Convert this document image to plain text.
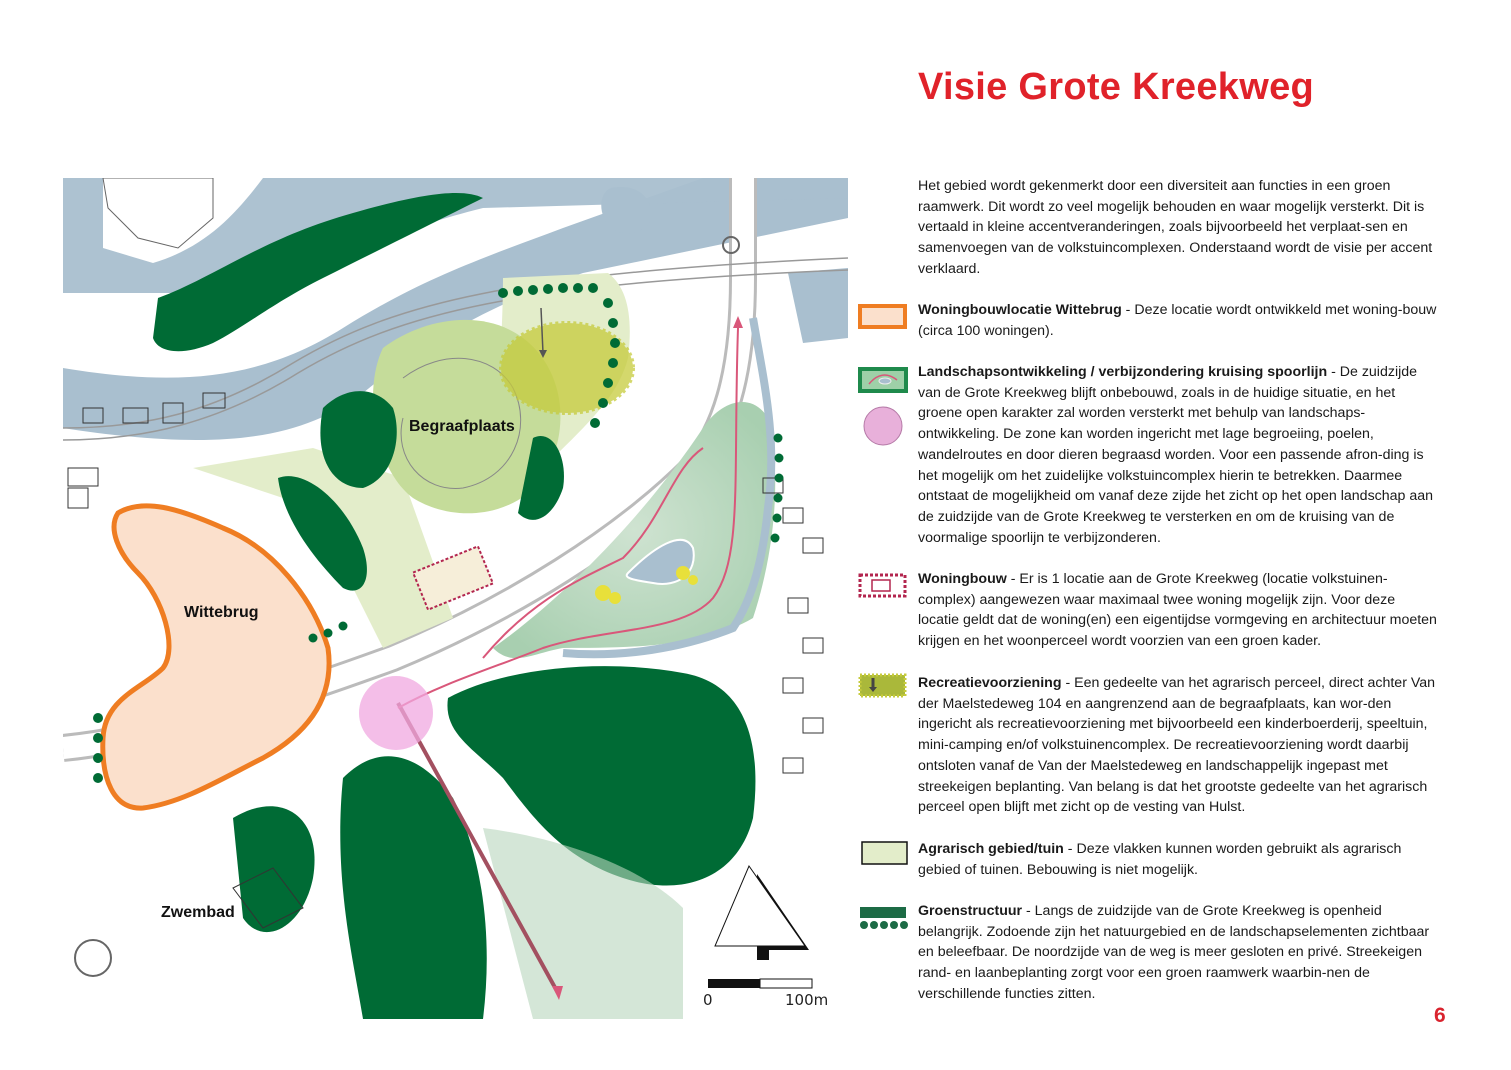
Visie Grote Kreekweg
Begraafplaats
Wittebrug
Zwembad
0	100m
Het gebied wordt gekenmerkt door een diversiteit aan functies in een groen raamwerk. Dit wordt zo veel mogelijk behouden en waar mogelijk versterkt. Dit is vertaald in kleine accentveranderingen, zoals bijvoorbeeld het verplaat-sen en samenvoegen van de volkstuincomplexen. Onderstaand wordt de visie per accent verklaard.
Woningbouwlocatie Wittebrug - Deze locatie wordt ontwikkeld met woning-bouw (circa 100 woningen).
Landschapsontwikkeling / verbijzondering kruising spoorlijn - De zuidzijde van de Grote Kreekweg blijft onbebouwd, zoals in de huidige situatie, en het groene open karakter zal worden versterkt met behulp van landschaps-ontwikkeling. De zone kan worden ingericht met lage begroeiing, poelen, wandelroutes en door dieren begraasd worden. Voor een passende afron-ding is het mogelijk om het zuidelijke volkstuincomplex hierin te betrekken. Daarmee ontstaat de mogelijkheid om vanaf deze zijde het zicht op het open landschap aan de zuidzijde van de Grote Kreekweg te versterken en om de kruising van de voormalige spoorlijn te verbijzonderen.
Woningbouw - Er is 1 locatie aan de Grote Kreekweg (locatie volkstuinen-complex) aangewezen waar maximaal twee woning mogelijk zijn. Voor deze locatie geldt dat de woning(en) een eigentijdse vormgeving en architectuur moeten krijgen en het woonperceel wordt voorzien van een groen kader.
Recreatievoorziening - Een gedeelte van het agrarisch perceel, direct achter Van der Maelstedeweg 104 en aangrenzend aan de begraafplaats, kan wor-den ingericht als recreatievoorziening met bijvoorbeeld een kinderboerderij, speeltuin, mini-camping en/of volkstuinencomplex. De recreatievoorziening wordt daarbij ontsloten vanaf de Van der Maelstedeweg en landschappelijk ingepast met streekeigen beplanting. Van belang is dat het grootste gedeelte van het agrarisch perceel open blijft met zicht op de vesting van Hulst.
Agrarisch gebied/tuin - Deze vlakken kunnen worden gebruikt als agrarisch gebied of tuinen. Bebouwing is niet mogelijk.
Groenstructuur - Langs de zuidzijde van de Grote Kreekweg is openheid belangrijk. Zodoende zijn het natuurgebied en de landschapselementen zichtbaar en beleefbaar. De noordzijde van de weg is meer gesloten en privé. Streekeigen rand- en laanbeplanting zorgt voor een groen raamwerk waarbin-nen de verschillende functies zitten.
6
